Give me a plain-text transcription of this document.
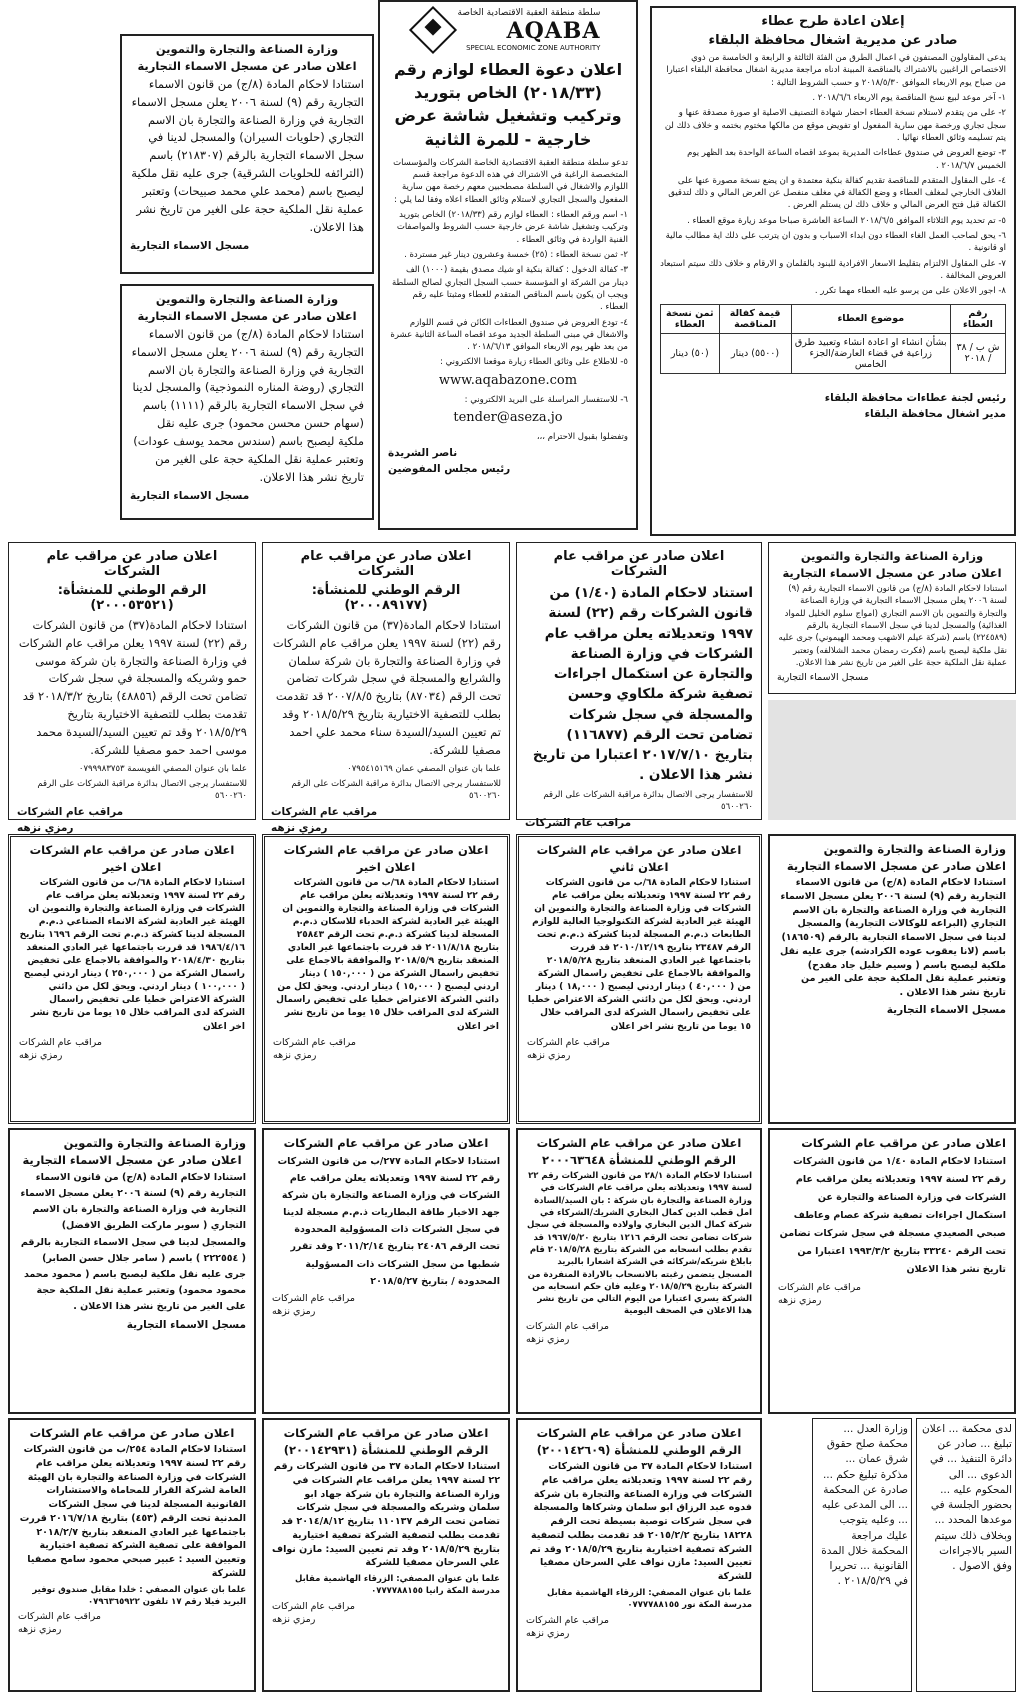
إعلان اعادة طرح عطاء
صادر عن مديرية اشغال محافظة البلقاء

يدعى المقاولون المصنفون في اعمال الطرق من الفئة الثالثة و الرابعة و الخامسة من ذوي الاختصاص الراغبين بالاشتراك بالمناقصة المبينة ادناه مراجعة مديرية اشغال محافظة البلقاء اعتبارا من صباح يوم الاربعاء الموافق ٢٠١٨/٥/٣٠ و حسب الشروط التالية :

١- آخر موعد لبيع نسخ المناقصة يوم الاربعاء ٢٠١٨/٦/٦ .

٢- على من يتقدم لاستلام نسخة العطاء احضار شهادة التصنيف الاصلية او صورة مصدقة عنها و سجل تجاري ورخصة مهن سارية المفعول او تفويض موقع من مالكها مختوم بختمه و خلاف ذلك لن يتم تسليمه وثائق العطاء نهائيا .

٣- توضع العروض في صندوق عطاءات المديرية بموعد اقصاه الساعة الواحدة بعد الظهر يوم الخميس ٢٠١٨/٦/٧ .

٤- على المقاول المتقدم للمناقصة تقديم كفالة بنكية معتمدة و ان يضع نسخة مصورة عنها على الغلاف الخارجي لمغلف العطاء و وضع الكفالة في مغلف منفصل عن العرض المالي و ذلك لتدقيق الكفالة قبل فتح العرض المالي و خلاف ذلك لن يستلم العرض .

٥- تم تحديد يوم الثلاثاء الموافق ٢٠١٨/٦/٥ الساعة العاشرة صباحا موعد زيارة موقع العطاء .

٦- يحق لصاحب العمل الغاء العطاء دون ابداء الاسباب و بدون ان يترتب على ذلك اية مطالب مالية او قانونية .

٧- على المقاول الالتزام بتقليط الاسعار الافرادية للبنود بالقلمان و الارقام و خلاف ذلك سيتم استبعاد العروض المخالفة .

٨- اجور الاعلان على من يرسو عليه العطاء مهما تكرر .

رقم العطاء	موضوع العطاء	قيمة كفالة المناقصة	ثمن نسخة العطاء
ش ب / ٣٨ / ٢٠١٨	بشأن انشاء او اعادة انشاء وتعبيد طرق زراعية في قضاء العارضة/الجزء الخامس	(٥٥٠٠) دينار	(٥٠) دينار
رئيس لجنة عطاءات محافظة البلقاء
مدير اشغال محافظة البلقاء
سلطة منطقة العقبة الاقتصادية الخاصة
AQABA
SPECIAL ECONOMIC ZONE AUTHORITY
اعلان دعوة العطاء لوازم رقم (٢٠١٨/٣٣) الخاص بتوريد وتركيب وتشغيل شاشة عرض خارجية - للمرة الثانية

تدعو سلطة منطقة العقبة الاقتصادية الخاصة الشركات والمؤسسات المتخصصة الراغبة في الاشتراك في هذه الدعوة مراجعة قسم اللوازم والاشغال في السلطة مصطحبين معهم رخصة مهن سارية المفعول والسجل التجاري لاستلام وثائق العطاء اعلاه وفقا لما يلي :

١- اسم ورقم العطاء : العطاء لوازم رقم (٢٠١٨/٣٣) الخاص بتوريد وتركيب وتشغيل شاشة عرض خارجية حسب الشروط والمواصفات الفنية الواردة في وثائق العطاء .

٢- ثمن نسخة العطاء : (٢٥) خمسة وعشرون دينار غير مستردة .

٣- كفالة الدخول : كفالة بنكية او شيك مصدق بقيمة (١٠٠٠) الف دينار من الشركة او المؤسسة حسب السجل التجاري لصالح السلطة ويجب ان يكون باسم المناقص المتقدم للعطاء ومثبتا عليه رقم العطاء .

٤- تودع العروض في صندوق العطاءات الكائن في قسم اللوازم والاشغال في مبنى السلطة الجديد موعد اقصاه الساعة الثانية عشرة من بعد ظهر يوم الاربعاء الموافق ٢٠١٨/٦/١٣ .

٥- للاطلاع على وثائق العطاء زيارة موقعنا الالكتروني :

www.aqabazone.com

٦- للاستفسار المراسلة على البريد الالكتروني :

tender@aseza.jo

وتفضلوا بقبول الاحترام ،،،

ناصر الشريدة
رئيس مجلس المفوضين
وزارة الصناعة والتجارة والتموين
اعلان صادر عن مسجل الاسماء التجارية

استنادا لاحكام المادة (٨/ج) من قانون الاسماء التجارية رقم (٩) لسنة ٢٠٠٦ يعلن مسجل الاسماء التجارية في وزارة الصناعة والتجارة بان الاسم التجاري (حلويات السيران) والمسجل لدينا في سجل الاسماء التجارية بالرقم (٢١٨٣٠٧) باسم (الترائفه للحلويات الشرقية) جرى عليه نقل ملكية ليصبح باسم (محمد علي محمد صبيحات) وتعتبر عملية نقل الملكية حجة على الغير من تاريخ نشر هذا الاعلان.

مسجل الاسماء التجارية
وزارة الصناعة والتجارة والتموين
اعلان صادر عن مسجل الاسماء التجارية

استنادا لاحكام المادة (٨/ج) من قانون الاسماء التجارية رقم (٩) لسنة ٢٠٠٦ يعلن مسجل الاسماء التجارية في وزارة الصناعة والتجارة بان الاسم التجاري (روضة المناره النموذجية) والمسجل لدينا في سجل الاسماء التجارية بالرقم (١١١١) باسم (سهام حسن محسن محمود) جرى عليه نقل ملكية ليصبح باسم (سندس محمد يوسف عودات) وتعتبر عملية نقل الملكية حجة على الغير من تاريخ نشر هذا الاعلان.

مسجل الاسماء التجارية
وزارة الصناعة والتجارة والتموين
اعلان صادر عن مسجل الاسماء التجارية

استنادا لاحكام المادة (٨/ج) من قانون الاسماء التجارية رقم (٩) لسنة ٢٠٠٦ يعلن مسجل الاسماء التجارية في وزارة الصناعة والتجارة والتموين بان الاسم التجاري (امواج سلوم الخليل للمواد الغذائية) والمسجل لدينا في سجل الاسماء التجارية بالرقم (٢٢٤٥٨٩) باسم (شركة عيلم الاشهب ومحمد الهيموني) جرى عليه نقل ملكية ليصبح باسم (فكرت رمضان محمد الشلالفه) وتعتبر عملية نقل الملكية حجة على الغير من تاريخ نشر هذا الاعلان.

مسجل الاسماء التجارية
اعلان صادر عن مراقب عام الشركات

استناد لاحكام المادة (١/٤٠) من قانون الشركات رقم (٢٢) لسنة ١٩٩٧ وتعديلاته يعلن مراقب عام الشركات في وزارة الصناعة والتجارة عن استكمال اجراءات تصفية شركة ملكاوي وحسن والمسجلة في سجل شركات تضامن تحت الرقم (١١٦٨٧٧) بتاريخ ٢٠١٧/٧/١٠ اعتبارا من تاريخ نشر هذا الاعلان .

للاستفسار يرجى الاتصال بدائرة مراقبة الشركات على الرقم ٥٦٠٠٢٦٠

مراقب عام الشركات
اعلان صادر عن مراقب عام الشركات
الرقم الوطني للمنشأة: (٢٠٠٠٨٩١٧٧)

استنادا لاحكام المادة(٣٧) من قانون الشركات رقم (٢٢) لسنة ١٩٩٧ يعلن مراقب عام الشركات في وزارة الصناعة والتجارة بان شركة سلمان والشرايع والمسجلة في سجل شركات تضامن تحت الرقم (٨٧٠٣٤) بتاريخ ٢٠٠٧/٨/٥ قد تقدمت بطلب للتصفية الاختيارية بتاريخ ٢٠١٨/٥/٢٩ وقد تم تعيين السيد/السيدة سناء محمد علي احمد مصفيا للشركة.

علما بان عنوان المصفي عمان ٠٧٩٥٤١٥١٦٩

للاستفسار يرجى الاتصال بدائرة مراقبة الشركات على الرقم ٥٦٠٠٢٦٠

مراقب عام الشركات
رمزي نزهه
اعلان صادر عن مراقب عام الشركات
الرقم الوطني للمنشأة: (٢٠٠٠٥٣٥٢١)

استنادا لاحكام المادة(٣٧) من قانون الشركات رقم (٢٢) لسنة ١٩٩٧ يعلن مراقب عام الشركات في وزارة الصناعة والتجارة بان شركة موسى حمو وشريكه والمسجلة في سجل شركات تضامن تحت الرقم (٤٨٨٥٦) بتاريخ ٢٠١٨/٣/٢ قد تقدمت بطلب للتصفية الاختيارية بتاريخ ٢٠١٨/٥/٢٩ وقد تم تعيين السيد/السيدة محمد موسى احمد حمو مصفيا للشركة.

علما بان عنوان المصفي الفويسمة ٠٧٩٩٩٨٣٧٥٣

للاستفسار يرجى الاتصال بدائرة مراقبة الشركات على الرقم ٥٦٠٠٢٦٠

مراقب عام الشركات
رمزي نزهه
وزارة الصناعة والتجارة والتموين
اعلان صادر عن مسجل الاسماء التجارية

استنادا لاحكام المادة (٨/ج) من قانون الاسماء التجارية رقم (٩) لسنة ٢٠٠٦ يعلن مسجل الاسماء التجارية في وزارة الصناعة والتجارة بان الاسم التجاري (البراعه للوكالات التجارية) والمسجل لدينا في سجل الاسماء التجارية بالرقم (١٨٦٥٠٩) باسم (لانا يعقوب عوده الكرادشه) جرى عليه نقل ملكية ليصبح باسم ( وسيم خليل جاد مقدح) وتعتبر عملية نقل الملكية حجة على الغير من تاريخ نشر هذا الاعلان .

مسجل الاسماء التجارية
اعلان صادر عن مراقب عام الشركات
اعلان ثاني

استنادا لاحكام المادة ٦٨/ب من قانون الشركات رقم ٢٢ لسنة ١٩٩٧ وتعديلاته يعلن مراقب عام الشركات في وزارة الصناعة والتجارة والتموين ان الهيئة غير العادية لشركة التكنولوجيا العالية للوازم الطابعات ذ.م.م المسجلة لدينا كشركة ذ.م.م تحت الرقم ٢٣٤٨٧ بتاريخ ٢٠١٠/١٢/١٩ قد قررت باجتماعها غير العادي المنعقد بتاريخ ٢٠١٨/٥/٢٨ والموافقة بالاجماع على تخفيض راسمال الشركة من ( ٤٠,٠٠٠ ) دينار اردني ليصبح ( ١٨,٠٠٠ ) دينار اردني. ويحق لكل من دائني الشركة الاعتراض خطيا على تخفيض راسمال الشركة لدى المراقب خلال ١٥ يوما من تاريخ نشر اخر اعلان

مراقب عام الشركات
رمزي نزهه
اعلان صادر عن مراقب عام الشركات
اعلان اخير

استنادا لاحكام المادة ٦٨/ب من قانون الشركات رقم ٢٢ لسنة ١٩٩٧ وتعديلاته يعلن مراقب عام الشركات في وزارة الصناعة والتجارة والتموين ان الهيئة غير العادية لشركة الحدباء للاسكان ذ.م.م المسجلة لدينا كشركة ذ.م.م تحت الرقم ٢٥٨٤٣ بتاريخ ٢٠١١/٨/١٨ قد قررت باجتماعها غير العادي المنعقد بتاريخ ٢٠١٨/٥/٩ والموافقة بالاجماع على تخفيض راسمال الشركة من ( ١٥٠,٠٠٠ ) دينار اردني ليصبح ( ١٥,٠٠٠ ) دينار اردني. ويحق لكل من دائني الشركة الاعتراض خطيا على تخفيض راسمال الشركة لدى المراقب خلال ١٥ يوما من تاريخ نشر اخر اعلان

مراقب عام الشركات
رمزي نزهه
اعلان صادر عن مراقب عام الشركات
اعلان اخير

استنادا لاحكام المادة ٦٨/ب من قانون الشركات رقم ٢٢ لسنة ١٩٩٧ وتعديلاته يعلن مراقب عام الشركات في وزارة الصناعة والتجارة والتموين ان الهيئة غير العادية لشركة الانماء الصناعي ذ.م.م المسجلة لدينا كشركة ذ.م.م تحت الرقم ١٦٩٦ بتاريخ ١٩٨٦/٤/١٦ قد قررت باجتماعها غير العادي المنعقد بتاريخ ٢٠١٨/٤/٣٠ والموافقة بالاجماع على تخفيض راسمال الشركة من ( ٢٥٠,٠٠٠ ) دينار اردني ليصبح ( ١٠٠,٠٠٠ ) دينار اردني. ويحق لكل من دائني الشركة الاعتراض خطيا على تخفيض راسمال الشركة لدى المراقب خلال ١٥ يوما من تاريخ نشر اخر اعلان

مراقب عام الشركات
رمزي نزهه
اعلان صادر عن مراقب عام الشركات

استنادا لاحكام المادة ١/٤٠ من قانون الشركات رقم ٢٢ لسنة ١٩٩٧ وتعديلاته يعلن مراقب عام الشركات في وزارة الصناعة والتجارة عن استكمال اجراءات تصفية شركة عصام وعاطف صبحي الصعيدي مسجلة في سجل شركات تضامن تحت الرقم ٣٣٢٤٠ بتاريخ ١٩٩٣/٣/٢ اعتبارا من تاريخ نشر هذا الاعلان

مراقب عام الشركات
رمزي نزهه
اعلان صادر عن مراقب عام الشركات
الرقم الوطني للمنشأة ٢٠٠٠٦٣٦٤٨

استنادا لاحكام المادة ٢٨/١ من قانون الشركات رقم ٢٢ لسنة ١٩٩٧ وتعديلاته يعلن مراقب عام الشركات في وزارة الصناعة والتجارة بان شركة : بان السيد/السادة امل قطب الدين كمال البخاري الشريك/الشركاء في شركة كمال الدين البخاري واولاده والمسجلة في سجل شركات تضامن تحت الرقم ١٢١٦ بتاريخ ١٩٦٧/٥/٢٠ قد تقدم بطلب انسحابه من الشركة بتاريخ ٢٠١٨/٥/٢٨ قام بابلاغ شريكه/شركائه في الشركة اشعارا بالبريد المسجل يتضمن رغبته بالانسحاب بالارادة المنفردة من الشركة بتاريخ ٢٠١٨/٥/٢٩ وعليه فان حكم انسحابه من الشركة يسري اعتبارا من اليوم التالي من تاريخ نشر هذا الاعلان في الصحف اليومية

مراقب عام الشركات
رمزي نزهه
اعلان صادر عن مراقب عام الشركات

استنادا لاحكام المادة ٢٧٧/ب من قانون الشركات رقم ٢٢ لسنة ١٩٩٧ وتعديلاته يعلن مراقب عام الشركات في وزارة الصناعة والتجارة بان شركة جهد الاخيار طاقة البطاريات ذ.م.م مسجلة لدينا في سجل الشركات ذات المسؤولية المحدودة تحت الرقم ٢٤٠٨٦ بتاريخ ٢٠١١/٢/١٤ وقد تقرر شطبها من سجل الشركات ذات المسؤولية المحدودة / بتاريخ ٢٠١٨/٥/٢٧

مراقب عام الشركات
رمزي نزهه
وزارة الصناعة والتجارة والتموين
اعلان صادر عن مسجل الاسماء التجارية

استنادا لاحكام المادة (٨/ج) من قانون الاسماء التجارية رقم (٩) لسنة ٢٠٠٦ يعلن مسجل الاسماء التجارية في وزارة الصناعة والتجارة بان الاسم التجاري ( سوبر ماركت الطريق الافضل) والمسجل لدينا في سجل الاسماء التجارية بالرقم ( ٢٢٢٥٥٤ ) باسم ( سامر جلال حسن الصابر) جرى عليه نقل ملكية ليصبح باسم ( محمود محمد محمود محمود) وتعتبر عملية نقل الملكية حجة على الغير من تاريخ نشر هذا الاعلان .

مسجل الاسماء التجارية

لدى محكمة ... اعلان تبليغ ... صادر عن دائرة التنفيذ ... في الدعوى ... الى المحكوم عليه ... بحضور الجلسة في موعدها المحدد ... وبخلاف ذلك سيتم السير بالاجراءات وفق الاصول .

وزارة العدل ... محكمة صلح حقوق شرق عمان ... مذكرة تبليغ حكم ... صادرة عن المحكمة ... الى المدعى عليه ... وعليه يتوجب عليك مراجعة المحكمة خلال المدة القانونية ... تحريرا في ٢٠١٨/٥/٢٩ .

اعلان صادر عن مراقب عام الشركات
الرقم الوطني للمنشأة (٢٠٠١٤٢٦٠٩)

استنادا لاحكام المادة ٣٧ من قانون الشركات رقم ٢٢ لسنة ١٩٩٧ وتعديلاته يعلن مراقب عام الشركات في وزارة الصناعة والتجارة بان شركة فدوه عبد الرزاق ابو سلمان وشركاها والمسجلة في سجل شركات توصية بسيطة تحت الرقم ١٨٢٢٨ بتاريخ ٢٠١٥/٢/٢ قد تقدمت بطلب لتصفية الشركة تصفية اختيارية بتاريخ ٢٠١٨/٥/٢٩ وقد تم تعيين السيد: مازن نواف علي السرحان مصفيا للشركة

علما بان عنوان المصفي: الزرقاء الهاشمية مقابل مدرسة المكة نور ٠٧٧٧٧٨٨١٥٥

مراقب عام الشركات
رمزي نزهه
اعلان صادر عن مراقب عام الشركات
الرقم الوطني للمنشأة (٢٠٠١٤٢٩٣١)

استنادا لاحكام المادة ٣٧ من قانون الشركات رقم ٢٢ لسنة ١٩٩٧ يعلن مراقب عام الشركات في وزارة الصناعة والتجارة بان شركة جهاد ابو سلمان وشريكه والمسجلة في سجل شركات تضامن تحت الرقم ١١٠١٣٧ بتاريخ ٢٠١٤/٨/١٢ قد تقدمت بطلب لتصفية الشركة تصفية اختيارية بتاريخ ٢٠١٨/٥/٢٩ وقد تم تعيين السيد: مازن نواف علي السرحان مصفيا للشركة

علما بان عنوان المصفي: الزرقاء الهاشمية مقابل مدرسة المكة رانيا ٠٧٧٧٧٨٨١٥٥

مراقب عام الشركات
رمزي نزهه
اعلان صادر عن مراقب عام الشركات

استنادا لاحكام المادة ٢٥٤/ب من قانون الشركات رقم ٢٢ لسنة ١٩٩٧ وتعديلاته يعلن مراقب عام الشركات في وزارة الصناعة والتجارة بان الهيئة العامة لشركة القرار للمحاماة والاستشارات القانونية المسجلة لدينا في سجل الشركات المدنية تحت الرقم (٤٥٣) بتاريخ ٢٠١٦/٧/١٨ قررت باجتماعها غير العادي المنعقد بتاريخ ٢٠١٨/٢/٧ الموافقة على تصفية الشركة تصفية اختيارية وتعيين السيد : عبير صبحي محمود سامح مصفيا للشركة

علما بان عنوان المصفي : خلدا مقابل صندوق توفير البريد فيلا رقم ١٧ تلفون ٠٧٩٦٣٦٥٩٢٢

مراقب عام الشركات
رمزي نزهه
